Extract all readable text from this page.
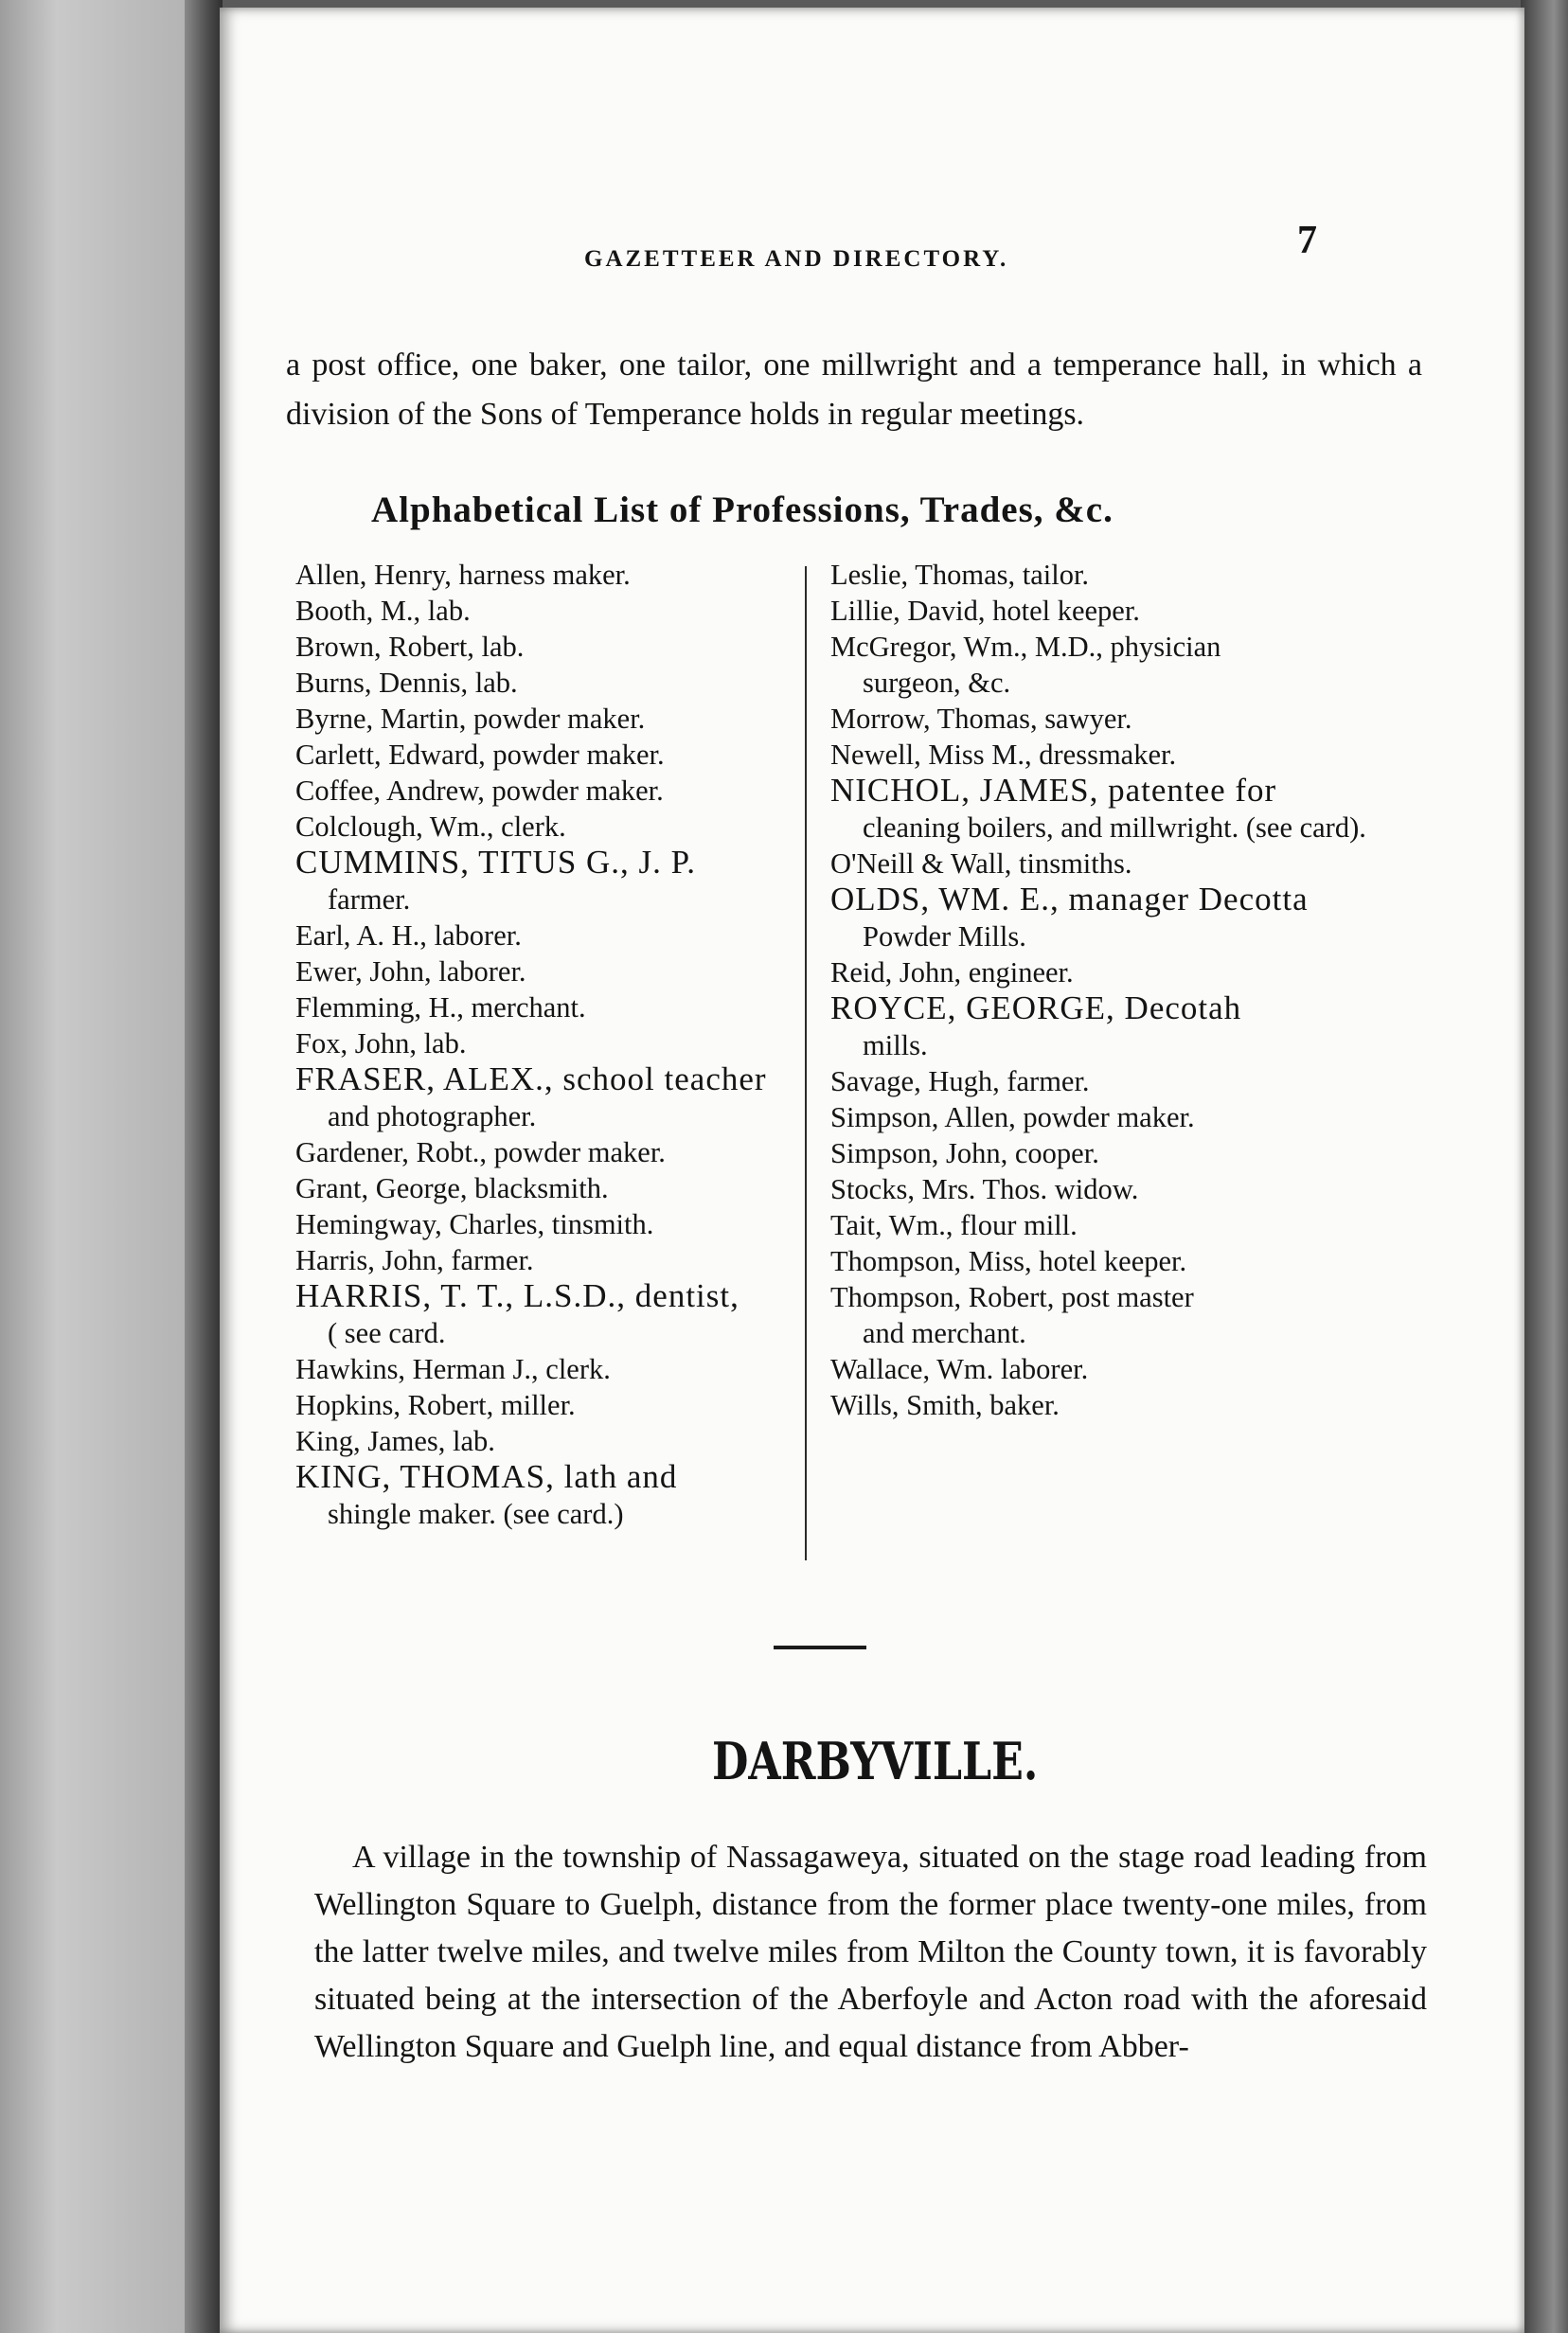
GAZETTEER AND DIRECTORY.	7

a post office, one baker, one tailor, one millwright and a temperance hall, in which a division of the Sons of Temperance holds in regular meetings.

Alphabetical List of Professions, Trades, &c.
Allen, Henry, harness maker.
Booth, M., lab.
Brown, Robert, lab.
Burns, Dennis, lab.
Byrne, Martin, powder maker.
Carlett, Edward, powder maker.
Coffee, Andrew, powder maker.
Colclough, Wm., clerk.
CUMMINS, TITUS G., J. P.
farmer.
Earl, A. H., laborer.
Ewer, John, laborer.
Flemming, H., merchant.
Fox, John, lab.
FRASER, ALEX., school teacher
and photographer.
Gardener, Robt., powder maker.
Grant, George, blacksmith.
Hemingway, Charles, tinsmith.
Harris, John, farmer.
HARRIS, T. T., L.S.D., dentist,
( see card.
Hawkins, Herman J., clerk.
Hopkins, Robert, miller.
King, James, lab.
KING, THOMAS, lath and
shingle maker. (see card.)
Leslie, Thomas, tailor.
Lillie, David, hotel keeper.
McGregor, Wm., M.D., physician
surgeon, &c.
Morrow, Thomas, sawyer.
Newell, Miss M., dressmaker.
NICHOL, JAMES, patentee for
cleaning boilers, and millwright. (see card).
O'Neill & Wall, tinsmiths.
OLDS, WM. E., manager Decotta
Powder Mills.
Reid, John, engineer.
ROYCE, GEORGE, Decotah
mills.
Savage, Hugh, farmer.
Simpson, Allen, powder maker.
Simpson, John, cooper.
Stocks, Mrs. Thos. widow.
Tait, Wm., flour mill.
Thompson, Miss, hotel keeper.
Thompson, Robert, post master
and merchant.
Wallace, Wm. laborer.
Wills, Smith, baker.
DARBYVILLE.

A village in the township of Nassagaweya, situated on the stage road leading from Wellington Square to Guelph, distance from the former place twenty-one miles, from the latter twelve miles, and twelve miles from Milton the County town, it is favorably situated being at the intersection of the Aberfoyle and Acton road with the aforesaid Wellington Square and Guelph line, and equal distance from Abber-
